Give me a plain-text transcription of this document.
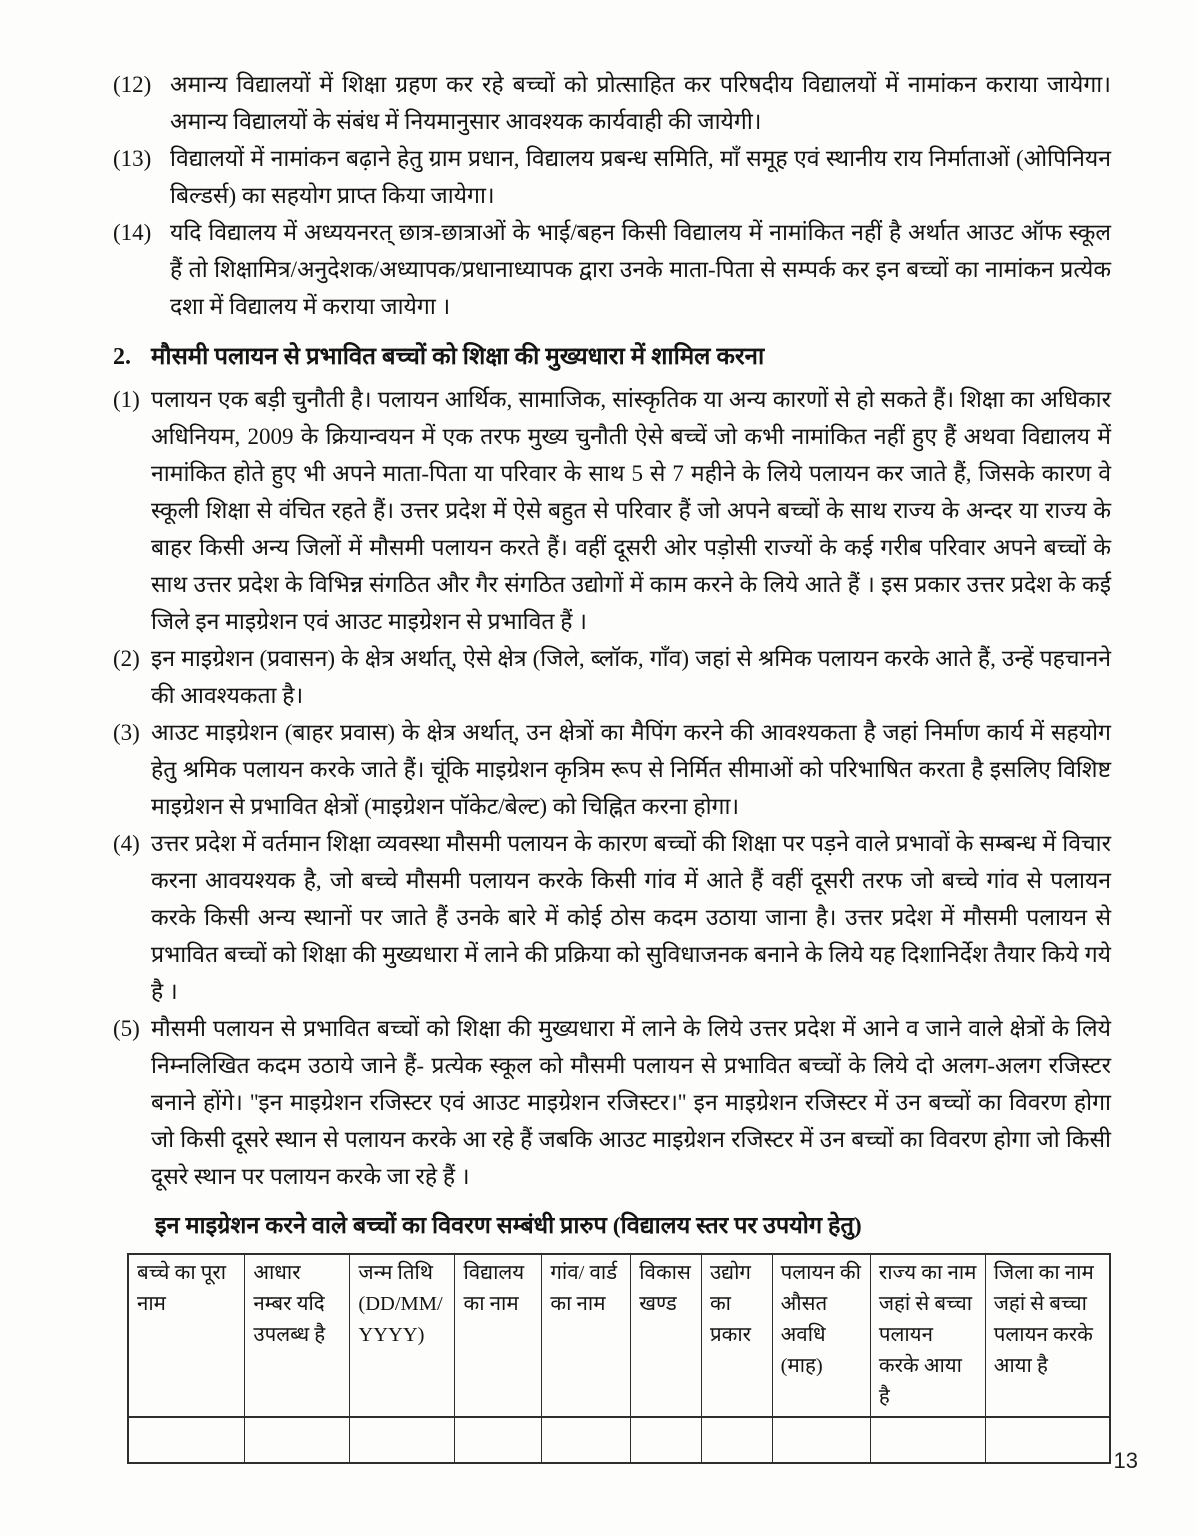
(12) अमान्य विद्यालयों में शिक्षा ग्रहण कर रहे बच्चों को प्रोत्साहित कर परिषदीय विद्यालयों में नामांकन कराया जायेगा। अमान्य विद्यालयों के संबंध में नियमानुसार आवश्यक कार्यवाही की जायेगी।
(13) विद्यालयों में नामांकन बढ़ाने हेतु ग्राम प्रधान, विद्यालय प्रबन्ध समिति, माँ समूह एवं स्थानीय राय निर्माताओं (ओपिनियन बिल्डर्स) का सहयोग प्राप्त किया जायेगा।
(14) यदि विद्यालय में अध्ययनरत् छात्र-छात्राओं के भाई/बहन किसी विद्यालय में नामांकित नहीं है अर्थात आउट ऑफ स्कूल हैं तो शिक्षामित्र/अनुदेशक/अध्यापक/प्रधानाध्यापक द्वारा उनके माता-पिता से सम्पर्क कर इन बच्चों का नामांकन प्रत्येक दशा में विद्यालय में कराया जायेगा ।
2. मौसमी पलायन से प्रभावित बच्चों को शिक्षा की मुख्यधारा में शामिल करना
(1) पलायन एक बड़ी चुनौती है। पलायन आर्थिक, सामाजिक, सांस्कृतिक या अन्य कारणों से हो सकते हैं। शिक्षा का अधिकार अधिनियम, 2009 के क्रियान्वयन में एक तरफ मुख्य चुनौती ऐसे बच्चें जो कभी नामांकित नहीं हुए हैं अथवा विद्यालय में नामांकित होते हुए भी अपने माता-पिता या परिवार के साथ 5 से 7 महीने के लिये पलायन कर जाते हैं, जिसके कारण वे स्कूली शिक्षा से वंचित रहते हैं। उत्तर प्रदेश में ऐसे बहुत से परिवार हैं जो अपने बच्चों के साथ राज्य के अन्दर या राज्य के बाहर किसी अन्य जिलों में मौसमी पलायन करते हैं। वहीं दूसरी ओर पड़ोसी राज्यों के कई गरीब परिवार अपने बच्चों के साथ उत्तर प्रदेश के विभिन्न संगठित और गैर संगठित उद्योगों में काम करने के लिये आते हैं । इस प्रकार उत्तर प्रदेश के कई जिले इन माइग्रेशन एवं आउट माइग्रेशन से प्रभावित हैं ।
(2) इन माइग्रेशन (प्रवासन) के क्षेत्र अर्थात्, ऐसे क्षेत्र (जिले, ब्लॉक, गाँव) जहां से श्रमिक पलायन करके आते हैं, उन्हें पहचानने की आवश्यकता है।
(3) आउट माइग्रेशन (बाहर प्रवास) के क्षेत्र अर्थात्, उन क्षेत्रों का मैपिंग करने की आवश्यकता है जहां निर्माण कार्य में सहयोग हेतु श्रमिक पलायन करके जाते हैं। चूंकि माइग्रेशन कृत्रिम रूप से निर्मित सीमाओं को परिभाषित करता है इसलिए विशिष्ट माइग्रेशन से प्रभावित क्षेत्रों (माइग्रेशन पॉकेट/बेल्ट) को चिह्नित करना होगा।
(4) उत्तर प्रदेश में वर्तमान शिक्षा व्यवस्था मौसमी पलायन के कारण बच्चों की शिक्षा पर पड़ने वाले प्रभावों के सम्बन्ध में विचार करना आवयश्यक है, जो बच्चे मौसमी पलायन करके किसी गांव में आते हैं वहीं दूसरी तरफ जो बच्चे गांव से पलायन करके किसी अन्य स्थानों पर जाते हैं उनके बारे में कोई ठोस कदम उठाया जाना है। उत्तर प्रदेश में मौसमी पलायन से प्रभावित बच्चों को शिक्षा की मुख्यधारा में लाने की प्रक्रिया को सुविधाजनक बनाने के लिये यह दिशानिर्देश तैयार किये गये है ।
(5) मौसमी पलायन से प्रभावित बच्चों को शिक्षा की मुख्यधारा में लाने के लिये उत्तर प्रदेश में आने व जाने वाले क्षेत्रों के लिये निम्नलिखित कदम उठाये जाने हैं- प्रत्येक स्कूल को मौसमी पलायन से प्रभावित बच्चों के लिये दो अलग-अलग रजिस्टर बनाने होंगे। ''इन माइग्रेशन रजिस्टर एवं आउट माइग्रेशन रजिस्टर।'' इन माइग्रेशन रजिस्टर में उन बच्चों का विवरण होगा जो किसी दूसरे स्थान से पलायन करके आ रहे हैं जबकि आउट माइग्रेशन रजिस्टर में उन बच्चों का विवरण होगा जो किसी दूसरे स्थान पर पलायन करके जा रहे हैं ।
इन माइग्रेशन करने वाले बच्चों का विवरण सम्बंधी प्रारुप (विद्यालय स्तर पर उपयोग हेतु)
बच्चे का पूरा नाम	आधार नम्बर यदि उपलब्ध है	जन्म तिथि (DD/MM/ YYYY)	विद्यालय का नाम	गांव/ वार्ड का नाम	विकास खण्ड	उद्योग का प्रकार	पलायन की औसत अवधि (माह)	राज्य का नाम जहां से बच्चा पलायन करके आया है	जिला का नाम जहां से बच्चा पलायन करके आया है

13
